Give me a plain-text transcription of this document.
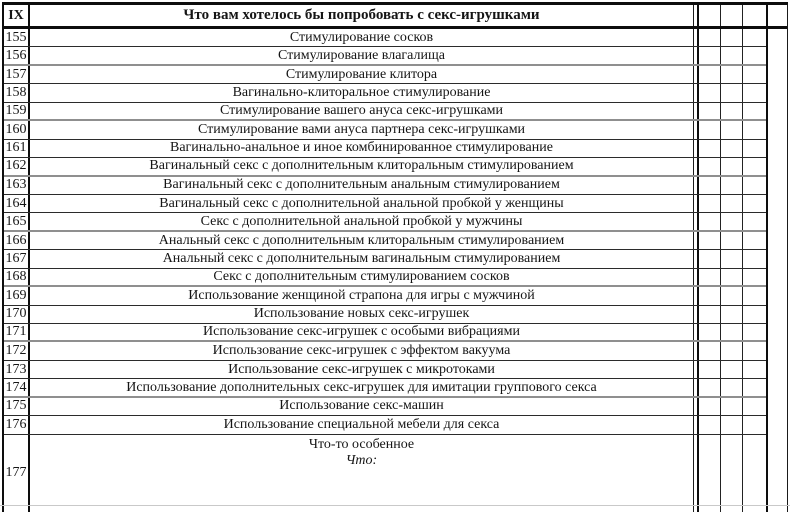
IX	Что вам хотелось бы попробовать с секс-игрушками
155	Стимулирование сосков
156	Стимулирование влагалища
157	Стимулирование клитора
158	Вагинально-клиторальное стимулирование
159	Стимулирование вашего ануса секс-игрушками
160	Стимулирование вами ануса партнера секс-игрушками
161	Вагинально-анальное и иное комбинированное стимулирование
162	Вагинальный секс с дополнительным клиторальным стимулированием
163	Вагинальный секс с дополнительным анальным стимулированием
164	Вагинальный секс с дополнительной анальной пробкой у женщины
165	Секс с дополнительной анальной пробкой у мужчины
166	Анальный секс с дополнительным клиторальным стимулированием
167	Анальный секс с дополнительным вагинальным стимулированием
168	Секс с дополнительным стимулированием сосков
169	Использование женщиной страпона для игры с мужчиной
170	Использование новых секс-игрушек
171	Использование секс-игрушек с особыми вибрациями
172	Использование секс-игрушек с эффектом вакуума
173	Использование секс-игрушек с микротоками
174	Использование дополнительных секс-игрушек для имитации группового секса
175	Использование секс-машин
176	Использование специальной мебели для секса
177
Что-то особенное
Что:
